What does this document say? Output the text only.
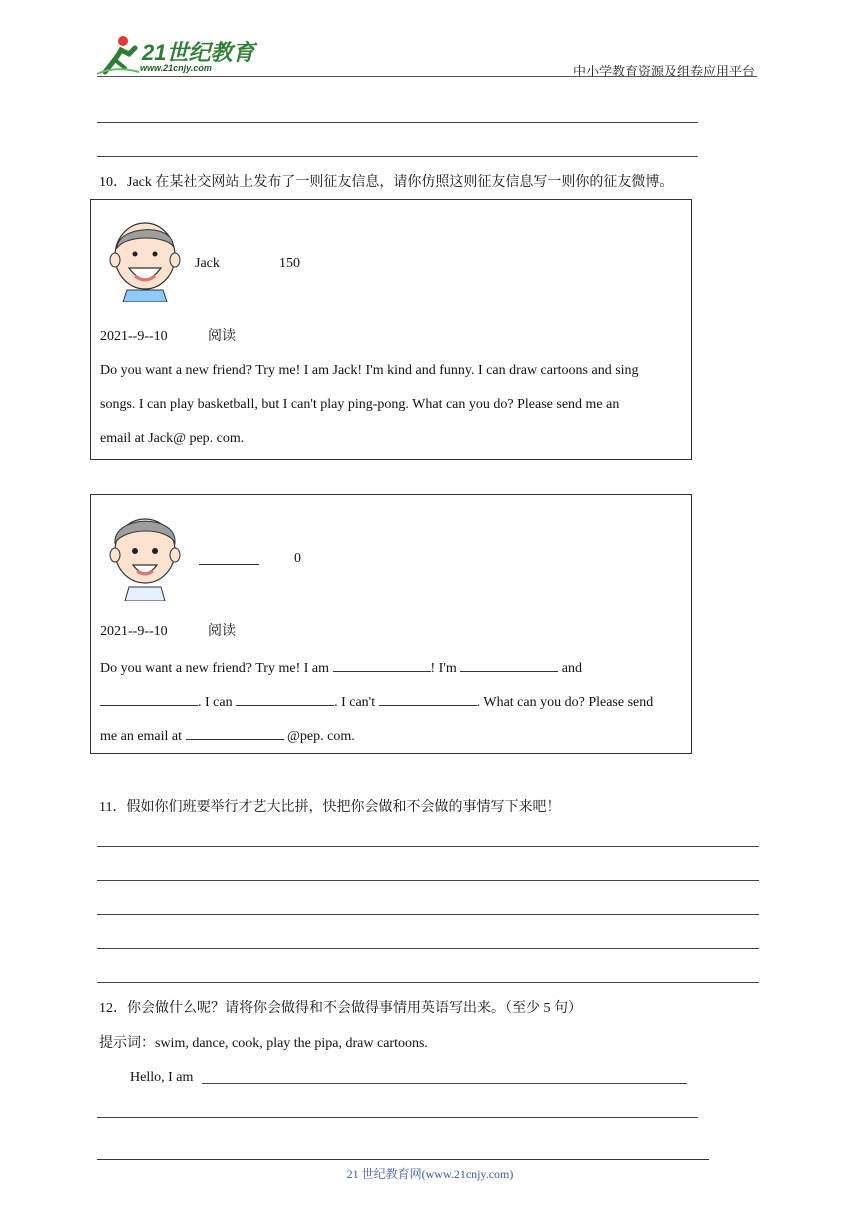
21世纪教育
www.21cnjy.com	中小学教育资源及组卷应用平台
10．Jack 在某社交网站上发布了一则征友信息，请你仿照这则征友信息写一则你的征友微博。
Jack	150
2021--9--10	阅读
Do you want a new friend? Try me! I am Jack! I'm kind and funny. I can draw cartoons and sing
songs. I can play basketball, but I can't play ping-pong. What can you do? Please send me an
email at Jack@ pep. com.
0
2021--9--10	阅读
Do you want a new friend? Try me! I am	! I'm	and
. I can	. I can't	. What can you do? Please send
me an email at	@pep. com.
11．假如你们班要举行才艺大比拼，快把你会做和不会做的事情写下来吧！
12．你会做什么呢？请将你会做得和不会做得事情用英语写出来。（至少 5 句）
提示词：swim, dance, cook, play the pipa, draw cartoons.
Hello, I am
21 世纪教育网(www.21cnjy.com)
